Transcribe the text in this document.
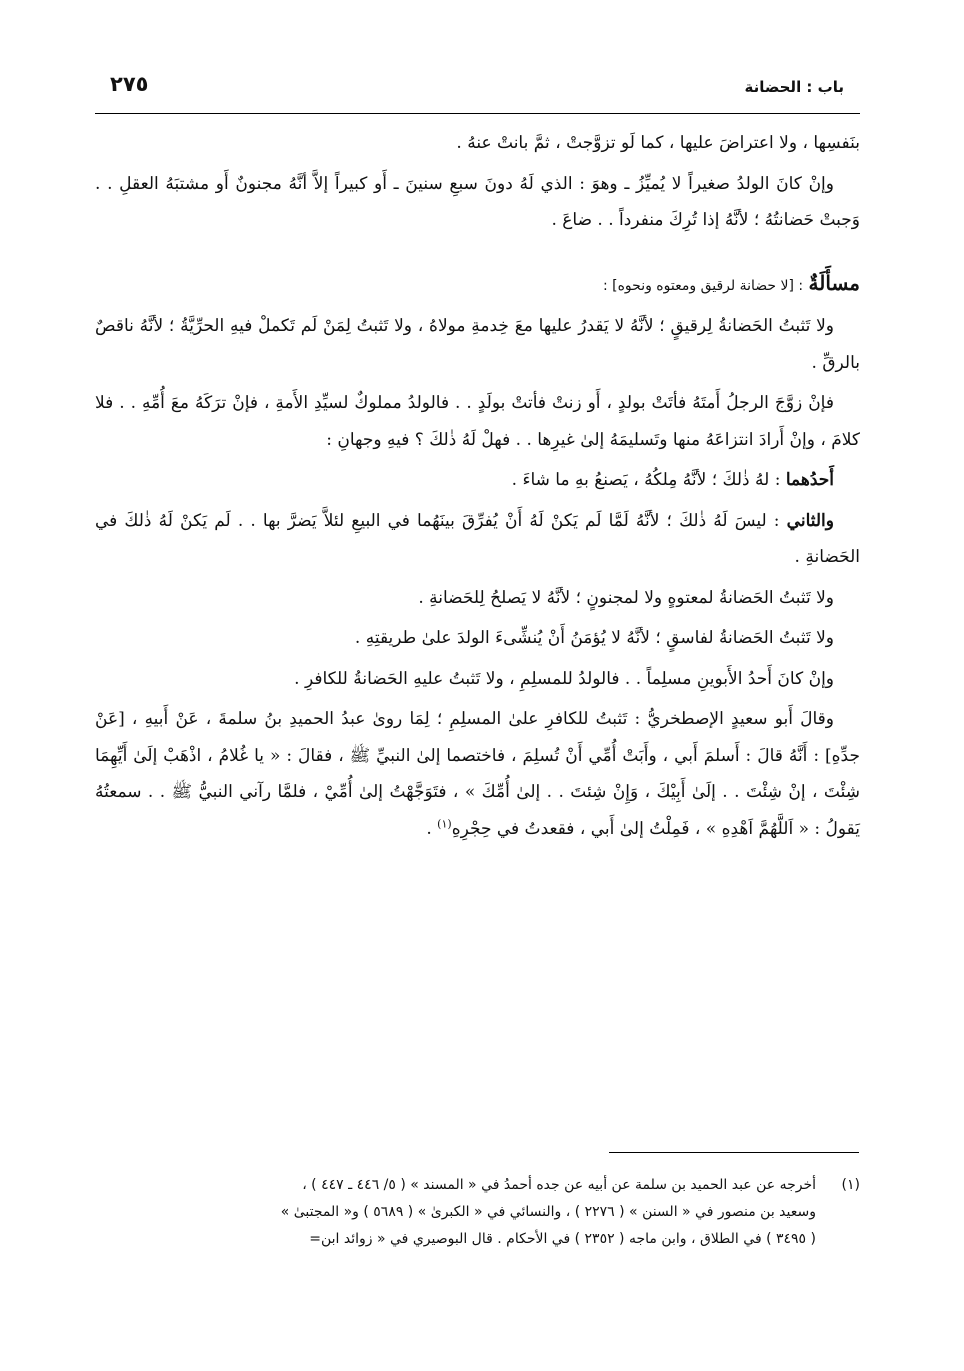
باب : الحضانة
٢٧٥

بنَفسِها ، ولا اعتراضَ عليها ، كما لَو تزوَّجتْ ، ثمَّ بانتْ عنهُ .

وإنْ كانَ الولدُ صغيراً لا يُميِّزُ ـ وهوَ : الذي لَهُ دونَ سبعِ سنينَ ـ أَو كبيراً إلاَّ أنَّهُ مجنونٌ أَو مشتبَهُ العقلِ . . وَجبتْ حَضانتُهُ ؛ لأنَّهُ إذا تُرِكَ منفرداً . . ضاعَ .

مسأَلَةٌ : [لا حضانة لرقيق ومعتوه ونحوه] :

ولا تَثبتُ الحَضانةُ لِرقيقٍ ؛ لأنَّهُ لا يَقدرُ عليها معَ خِدمةِ مولاهُ ، ولا تَثبتُ لِمَنْ لَم تَكملْ فيهِ الحرِّيَّةُ ؛ لأنَّهُ ناقصٌ بالرقِّ .

فإنْ زوَّجَ الرجلُ أَمتَهُ فأتَتْ بولدٍ ، أَو زنتْ فأتتْ بولَدٍ . . فالولدُ مملوكٌ لسيِّدِ الأَمةِ ، فإنْ ترَكَهُ معَ أُمِّهِ . . فلا كلامَ ، وإنْ أَرادَ انتزاعَهُ منها وتَسليمَهُ إلىٰ غيرِها . . فهلْ لَهُ ذٰلكَ ؟ فيهِ وجهانِ :

أَحدُهما : لهُ ذٰلكَ ؛ لأنَّهُ مِلكُهُ ، يَصنعُ بهِ ما شاءَ .

والثاني : ليسَ لَهُ ذٰلكَ ؛ لأنَّهُ لَمَّا لَم يَكنْ لَهُ أَنْ يُفرِّقَ بينَهُما في البيعِ لئلاَّ يَضرَّ بها . . لَم يَكنْ لَهُ ذٰلكَ في الحَضانةِ .

ولا تَثبتُ الحَضانةُ لمعتوهٍ ولا لمجنونٍ ؛ لأنَّهُ لا يَصلحُ لِلحَضانةِ .

ولا تَثبتُ الحَضانةُ لفاسقٍ ؛ لأنَّهُ لا يُؤمَنُ أَنْ يُنشِّىءَ الولدَ علىٰ طريقتِهِ .

وإنْ كانَ أَحدُ الأَبوينِ مسلِماً . . فالولدُ للمسلِمِ ، ولا تَثبتُ عليهِ الحَضانةُ للكافرِ .

وقالَ أَبو سعيدٍ الإصطخريُّ : تَثبتُ للكافرِ علىٰ المسلِمِ ؛ لِمَا روىٰ عبدُ الحميدِ بنُ سلمةَ ، عَنْ أَبيهِ ، [عَنْ جدِّهِ] : أَنَّهُ قالَ : أَسلمَ أَبي ، وأَبَتْ أُمِّي أَنْ تُسلِمَ ، فاختصما إلىٰ النبيِّ ﷺ ، فقالَ : « يا غُلامُ ، اذْهَبْ إلَىٰ أَيِّهِمَا شِئْتَ ، إنْ شِئْتَ . . إلَىٰ أَبِيْكَ ، وَإِنْ شِئتَ . . إلىٰ أُمِّكَ » ، فتَوَجَّهْتُ إلىٰ أُمِّيْ ، فلمَّا رآني النبيُّ ﷺ . . سمعتُهُ يَقولُ : « اَللَّهُمَّ اَهْدِهِ » ، فَمِلْتُ إلىٰ أَبي ، فقعدتُ في حِجْرِهِ$^{(١)}$ .

(١)
أخرجه عن عبد الحميد بن سلمة عن أبيه عن جده أحمدُ في « المسند » ( ٥/ ٤٤٦ ـ ٤٤٧ ) ،
وسعيد بن منصور في « السنن » ( ٢٢٧٦ ) ، والنسائي في « الكبرىٰ » ( ٥٦٨٩ ) و« المجتبىٰ »
( ٣٤٩٥ ) في الطلاق ، وابن ماجه ( ٢٣٥٢ ) في الأحكام . قال البوصيري في « زوائد ابن=
